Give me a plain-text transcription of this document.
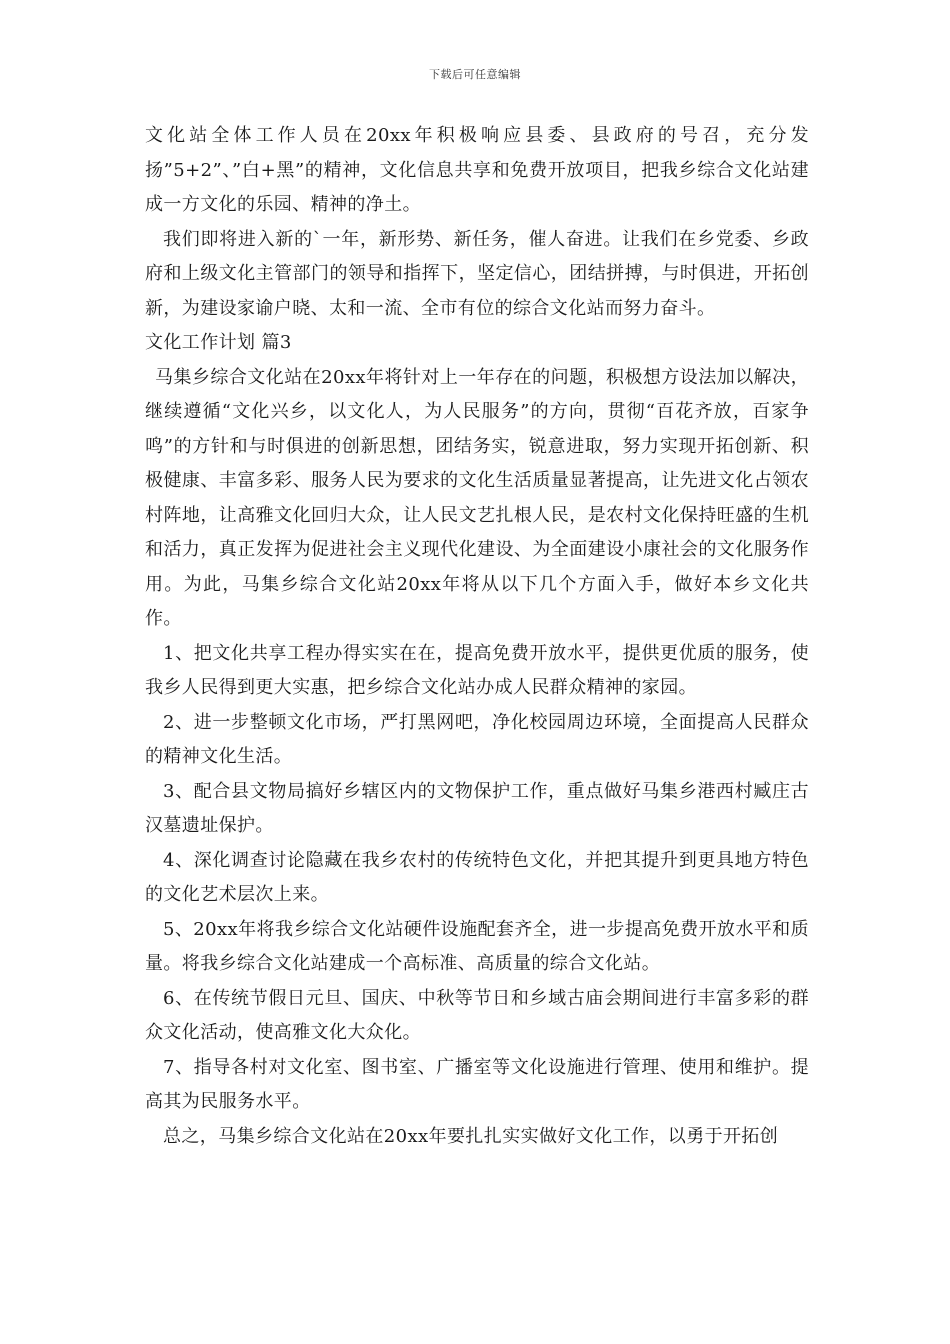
下载后可任意编辑

文化站全体工作人员在20xx年积极响应县委、县政府的号召，充分发扬”5+2”、”白+黑”的精神，文化信息共享和免费开放项目，把我乡综合文化站建成一方文化的乐园、精神的净土。

我们即将进入新的`一年，新形势、新任务，催人奋进。让我们在乡党委、乡政府和上级文化主管部门的领导和指挥下，坚定信心，团结拼搏，与时俱进，开拓创新，为建设家谕户晓、太和一流、全市有位的综合文化站而努力奋斗。

文化工作计划 篇3

马集乡综合文化站在20xx年将针对上一年存在的问题，积极想方设法加以解决，继续遵循“文化兴乡，以文化人，为人民服务”的方向，贯彻“百花齐放，百家争鸣”的方针和与时俱进的创新思想，团结务实，锐意进取，努力实现开拓创新、积极健康、丰富多彩、服务人民为要求的文化生活质量显著提高，让先进文化占领农村阵地，让高雅文化回归大众，让人民文艺扎根人民，是农村文化保持旺盛的生机和活力，真正发挥为促进社会主义现代化建设、为全面建设小康社会的文化服务作用。为此，马集乡综合文化站20xx年将从以下几个方面入手，做好本乡文化共作。

1、把文化共享工程办得实实在在，提高免费开放水平，提供更优质的服务，使我乡人民得到更大实惠，把乡综合文化站办成人民群众精神的家园。

2、进一步整顿文化市场，严打黑网吧，净化校园周边环境，全面提高人民群众的精神文化生活。

3、配合县文物局搞好乡辖区内的文物保护工作，重点做好马集乡港西村臧庄古汉墓遗址保护。

4、深化调查讨论隐藏在我乡农村的传统特色文化，并把其提升到更具地方特色的文化艺术层次上来。

5、20xx年将我乡综合文化站硬件设施配套齐全，进一步提高免费开放水平和质量。将我乡综合文化站建成一个高标准、高质量的综合文化站。

6、在传统节假日元旦、国庆、中秋等节日和乡域古庙会期间进行丰富多彩的群众文化活动，使高雅文化大众化。

7、指导各村对文化室、图书室、广播室等文化设施进行管理、使用和维护。提高其为民服务水平。

总之，马集乡综合文化站在20xx年要扎扎实实做好文化工作，以勇于开拓创
